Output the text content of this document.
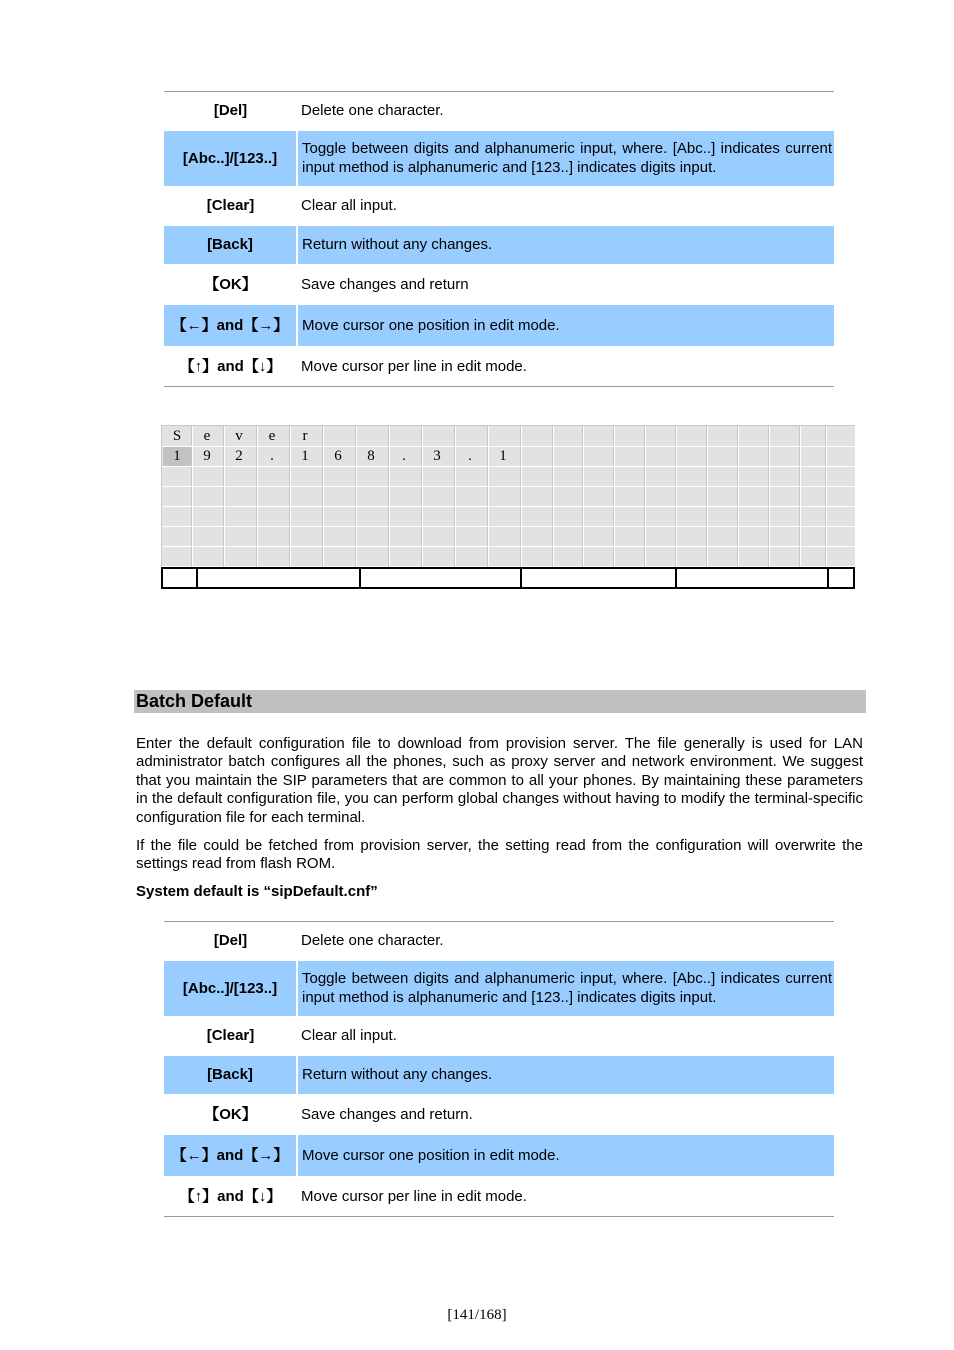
[Del]	Delete one character.
[Abc..]/[123..]	Toggle between digits and alphanumeric input, where. [Abc..] indicates current input method is alphanumeric and [123..] indicates digits input.
[Clear]	Clear all input.
[Back]	Return without any changes.
【OK】	Save changes and return
【←】and【→】	Move cursor one position in edit mode.
【↑】and【↓】	Move cursor per line in edit mode.
S	e	v	e	r
1	9	2	.	1	6	8	.	3	.	1
Batch Default

Enter the default configuration file to download from provision server. The file generally is used for LAN administrator batch configures all the phones, such as proxy server and network environment. We suggest that you maintain the SIP parameters that are common to all your phones. By maintaining these parameters in the default configuration file, you can perform global changes without having to modify the terminal-specific configuration file for each terminal.

If the file could be fetched from provision server, the setting read from the configuration will overwrite the settings read from flash ROM.

System default is “sipDefault.cnf”
[Del]	Delete one character.
[Abc..]/[123..]	Toggle between digits and alphanumeric input, where. [Abc..] indicates current input method is alphanumeric and [123..] indicates digits input.
[Clear]	Clear all input.
[Back]	Return without any changes.
【OK】	Save changes and return.
【←】and【→】	Move cursor one position in edit mode.
【↑】and【↓】	Move cursor per line in edit mode.
[141/168]
